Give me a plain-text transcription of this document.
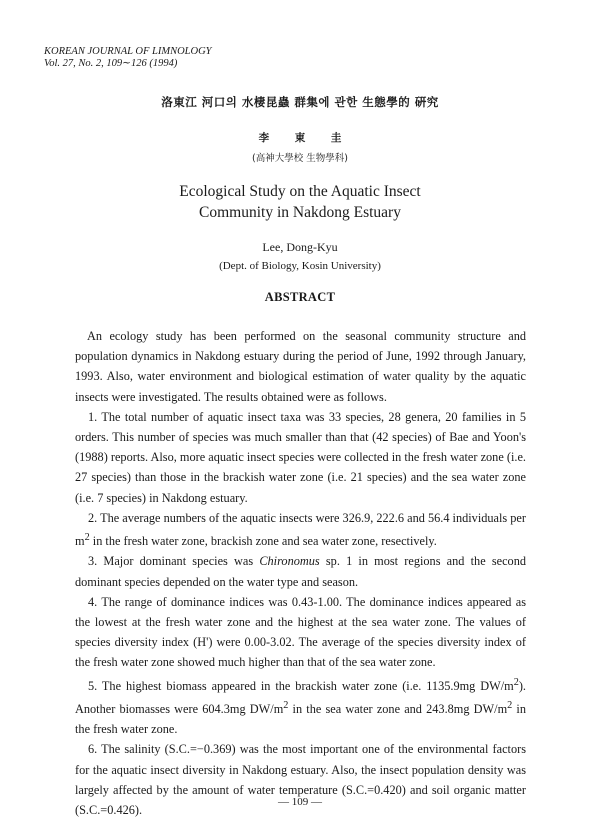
KOREAN JOURNAL OF LIMNOLOGY
Vol. 27, No. 2, 109∼126 (1994)
洛東江 河口의 水棲昆蟲 群集에 관한 生態學的 硏究
李 東 圭
(高神大學校 生物學科)
Ecological Study on the Aquatic Insect
Community in Nakdong Estuary
Lee, Dong-Kyu
(Dept. of Biology, Kosin University)
ABSTRACT

An ecology study has been performed on the seasonal community structure and population dynamics in Nakdong estuary during the period of June, 1992 through January, 1993. Also, water environment and biological estimation of water quality by the aquatic insects were investigated. The results obtained were as follows.

1. The total number of aquatic insect taxa was 33 species, 28 genera, 20 families in 5 orders. This number of species was much smaller than that (42 species) of Bae and Yoon's (1988) reports. Also, more aquatic insect species were collected in the fresh water zone (i.e. 27 species) than those in the brackish water zone (i.e. 21 species) and the sea water zone (i.e. 7 species) in Nakdong estuary.

2. The average numbers of the aquatic insects were 326.9, 222.6 and 56.4 individuals per $m^2$ in the fresh water zone, brackish zone and sea water zone, resectively.

3. Major dominant species was Chironomus sp. 1 in most regions and the second dominant species depended on the water type and season.

4. The range of dominance indices was 0.43-1.00. The dominance indices appeared as the lowest at the fresh water zone and the highest at the sea water zone. The values of species diversity index (H') were 0.00-3.02. The average of the species diversity index of the fresh water zone showed much higher than that of the sea water zone.

5. The highest biomass appeared in the brackish water zone (i.e. 1135.9mg $DW/m^2$). Another biomasses were 604.3mg $DW/m^2$ in the sea water zone and 243.8mg $DW/m^2$ in the fresh water zone.

6. The salinity (S.C.=−0.369) was the most important one of the environmental factors for the aquatic insect diversity in Nakdong estuary. Also, the insect population density was largely affected by the amount of water temperature (S.C.=0.420) and soil organic matter (S.C.=0.426).

— 109 —
